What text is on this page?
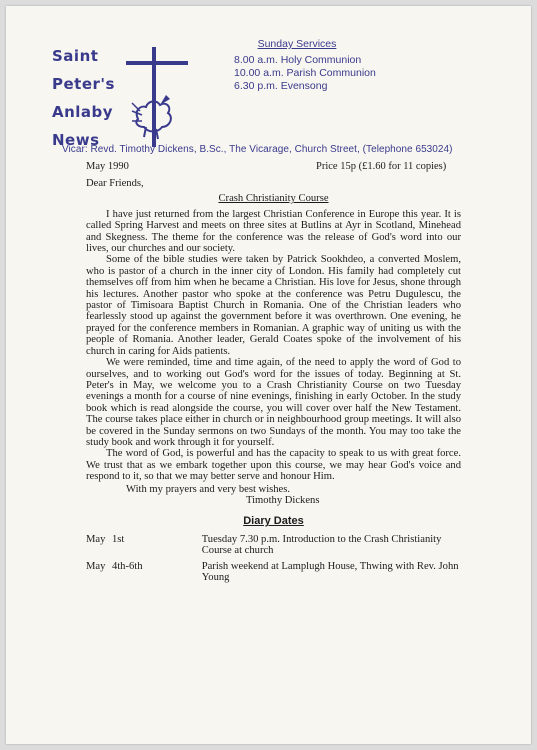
Saint
Peter's
Anlaby
News
Sunday Services
8.00 a.m. Holy Communion
10.00 a.m. Parish Communion
6.30 p.m. Evensong
Vicar: Revd. Timothy Dickens, B.Sc., The Vicarage, Church Street, (Telephone 653024)
May 1990	Price 15p (£1.60 for 11 copies)
Dear Friends,
Crash Christianity Course

I have just returned from the largest Christian Conference in Europe this year. It is called Spring Harvest and meets on three sites at Butlins at Ayr in Scotland, Minehead and Skegness. The theme for the conference was the release of God's word into our lives, our churches and our society.

Some of the bible studies were taken by Patrick Sookhdeo, a converted Moslem, who is pastor of a church in the inner city of London. His family had completely cut themselves off from him when he became a Christian. His love for Jesus, shone through his lectures. Another pastor who spoke at the conference was Petru Dugulescu, the pastor of Timisoara Baptist Church in Romania. One of the Christian leaders who fearlessly stood up against the government before it was overthrown. One evening, he prayed for the conference members in Romanian. A graphic way of uniting us with the people of Romania. Another leader, Gerald Coates spoke of the involvement of his church in caring for Aids patients.

We were reminded, time and time again, of the need to apply the word of God to ourselves, and to working out God's word for the issues of today. Beginning at St. Peter's in May, we welcome you to a Crash Christianity Course on two Tuesday evenings a month for a course of nine evenings, finishing in early October. In the study book which is read alongside the course, you will cover over half the New Testament. The course takes place either in church or in neighbourhood group meetings. It will also be covered in the Sunday sermons on two Sundays of the month. You may too take the study book and work through it for yourself.

The word of God, is powerful and has the capacity to speak to us with great force. We trust that as we embark together upon this course, we may hear God's voice and respond to it, so that we may better serve and honour Him.

With my prayers and very best wishes.
Timothy Dickens
Diary Dates
May 1st	Tuesday 7.30 p.m. Introduction to the Crash Christianity Course at church
May 4th-6th	Parish weekend at Lamplugh House, Thwing with Rev. John Young
